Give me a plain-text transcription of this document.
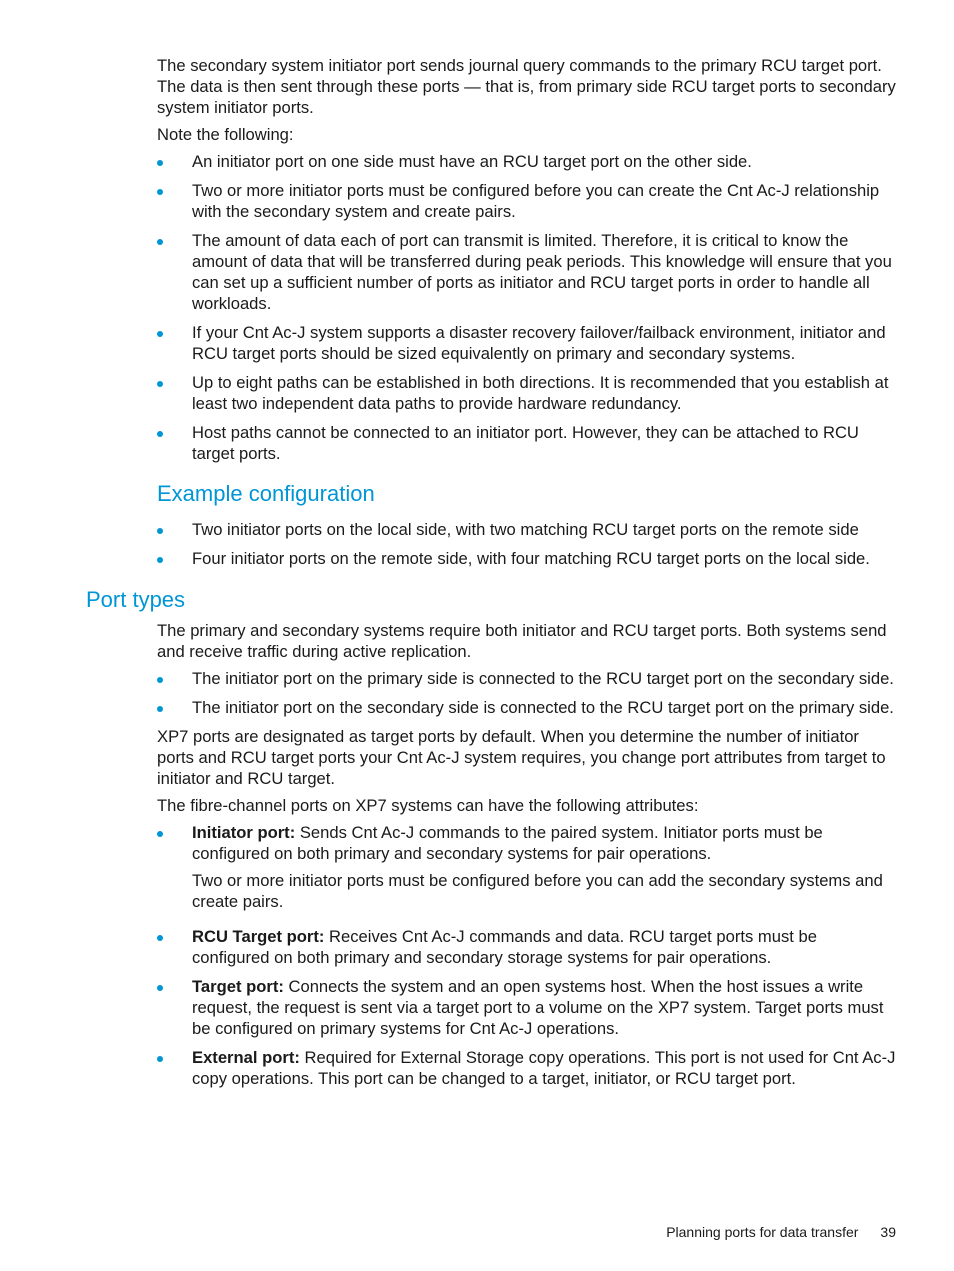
The secondary system initiator port sends journal query commands to the primary RCU target port. The data is then sent through these ports — that is, from primary side RCU target ports to secondary system initiator ports.

Note the following:

An initiator port on one side must have an RCU target port on the other side.
Two or more initiator ports must be configured before you can create the Cnt Ac-J relationship with the secondary system and create pairs.
The amount of data each of port can transmit is limited. Therefore, it is critical to know the amount of data that will be transferred during peak periods. This knowledge will ensure that you can set up a sufficient number of ports as initiator and RCU target ports in order to handle all workloads.
If your Cnt Ac-J system supports a disaster recovery failover/failback environment, initiator and RCU target ports should be sized equivalently on primary and secondary systems.
Up to eight paths can be established in both directions. It is recommended that you establish at least two independent data paths to provide hardware redundancy.
Host paths cannot be connected to an initiator port. However, they can be attached to RCU target ports.
Example configuration
Two initiator ports on the local side, with two matching RCU target ports on the remote side
Four initiator ports on the remote side, with four matching RCU target ports on the local side.
Port types

The primary and secondary systems require both initiator and RCU target ports. Both systems send and receive traffic during active replication.

The initiator port on the primary side is connected to the RCU target port on the secondary side.
The initiator port on the secondary side is connected to the RCU target port on the primary side.

XP7 ports are designated as target ports by default. When you determine the number of initiator ports and RCU target ports your Cnt Ac-J system requires, you change port attributes from target to initiator and RCU target.

The fibre-channel ports on XP7 systems can have the following attributes:

Initiator port: Sends Cnt Ac-J commands to the paired system. Initiator ports must be configured on both primary and secondary systems for pair operations.

Two or more initiator ports must be configured before you can add the secondary systems and create pairs.

RCU Target port: Receives Cnt Ac-J commands and data. RCU target ports must be configured on both primary and secondary storage systems for pair operations.
Target port: Connects the system and an open systems host. When the host issues a write request, the request is sent via a target port to a volume on the XP7 system. Target ports must be configured on primary systems for Cnt Ac-J operations.
External port: Required for External Storage copy operations. This port is not used for Cnt Ac-J copy operations. This port can be changed to a target, initiator, or RCU target port.
Planning ports for data transfer 39
